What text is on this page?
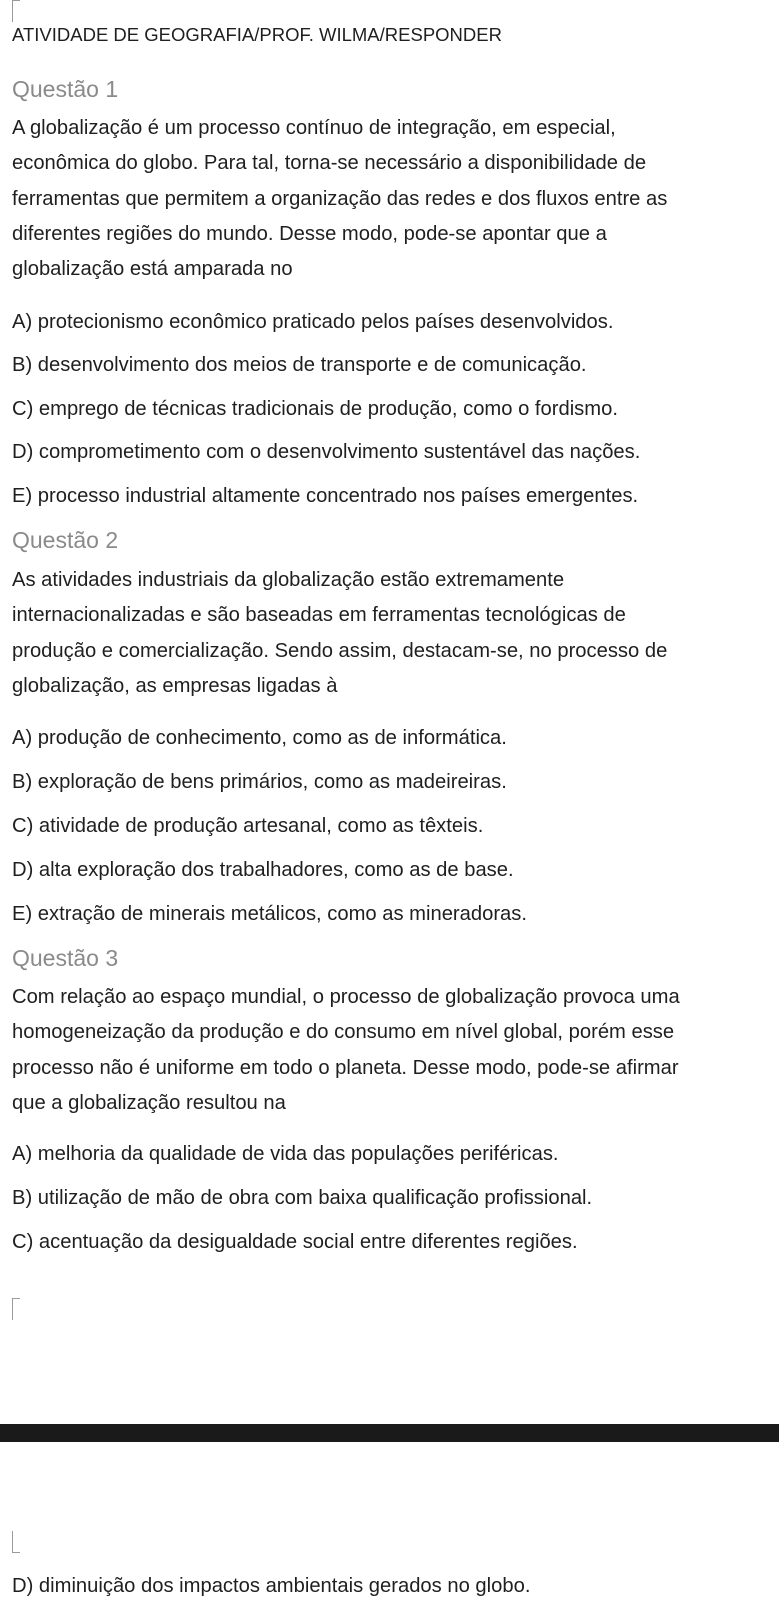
ATIVIDADE DE GEOGRAFIA/PROF. WILMA/RESPONDER
Questão 1
A globalização é um processo contínuo de integração, em especial,
econômica do globo. Para tal, torna-se necessário a disponibilidade de
ferramentas que permitem a organização das redes e dos fluxos entre as
diferentes regiões do mundo. Desse modo, pode-se apontar que a
globalização está amparada no
A) protecionismo econômico praticado pelos países desenvolvidos.
B) desenvolvimento dos meios de transporte e de comunicação.
C) emprego de técnicas tradicionais de produção, como o fordismo.
D) comprometimento com o desenvolvimento sustentável das nações.
E) processo industrial altamente concentrado nos países emergentes.
Questão 2
As atividades industriais da globalização estão extremamente
internacionalizadas e são baseadas em ferramentas tecnológicas de
produção e comercialização. Sendo assim, destacam-se, no processo de
globalização, as empresas ligadas à
A) produção de conhecimento, como as de informática.
B) exploração de bens primários, como as madeireiras.
C) atividade de produção artesanal, como as têxteis.
D) alta exploração dos trabalhadores, como as de base.
E) extração de minerais metálicos, como as mineradoras.
Questão 3
Com relação ao espaço mundial, o processo de globalização provoca uma
homogeneização da produção e do consumo em nível global, porém esse
processo não é uniforme em todo o planeta. Desse modo, pode-se afirmar
que a globalização resultou na
A) melhoria da qualidade de vida das populações periféricas.
B) utilização de mão de obra com baixa qualificação profissional.
C) acentuação da desigualdade social entre diferentes regiões.
D) diminuição dos impactos ambientais gerados no globo.
